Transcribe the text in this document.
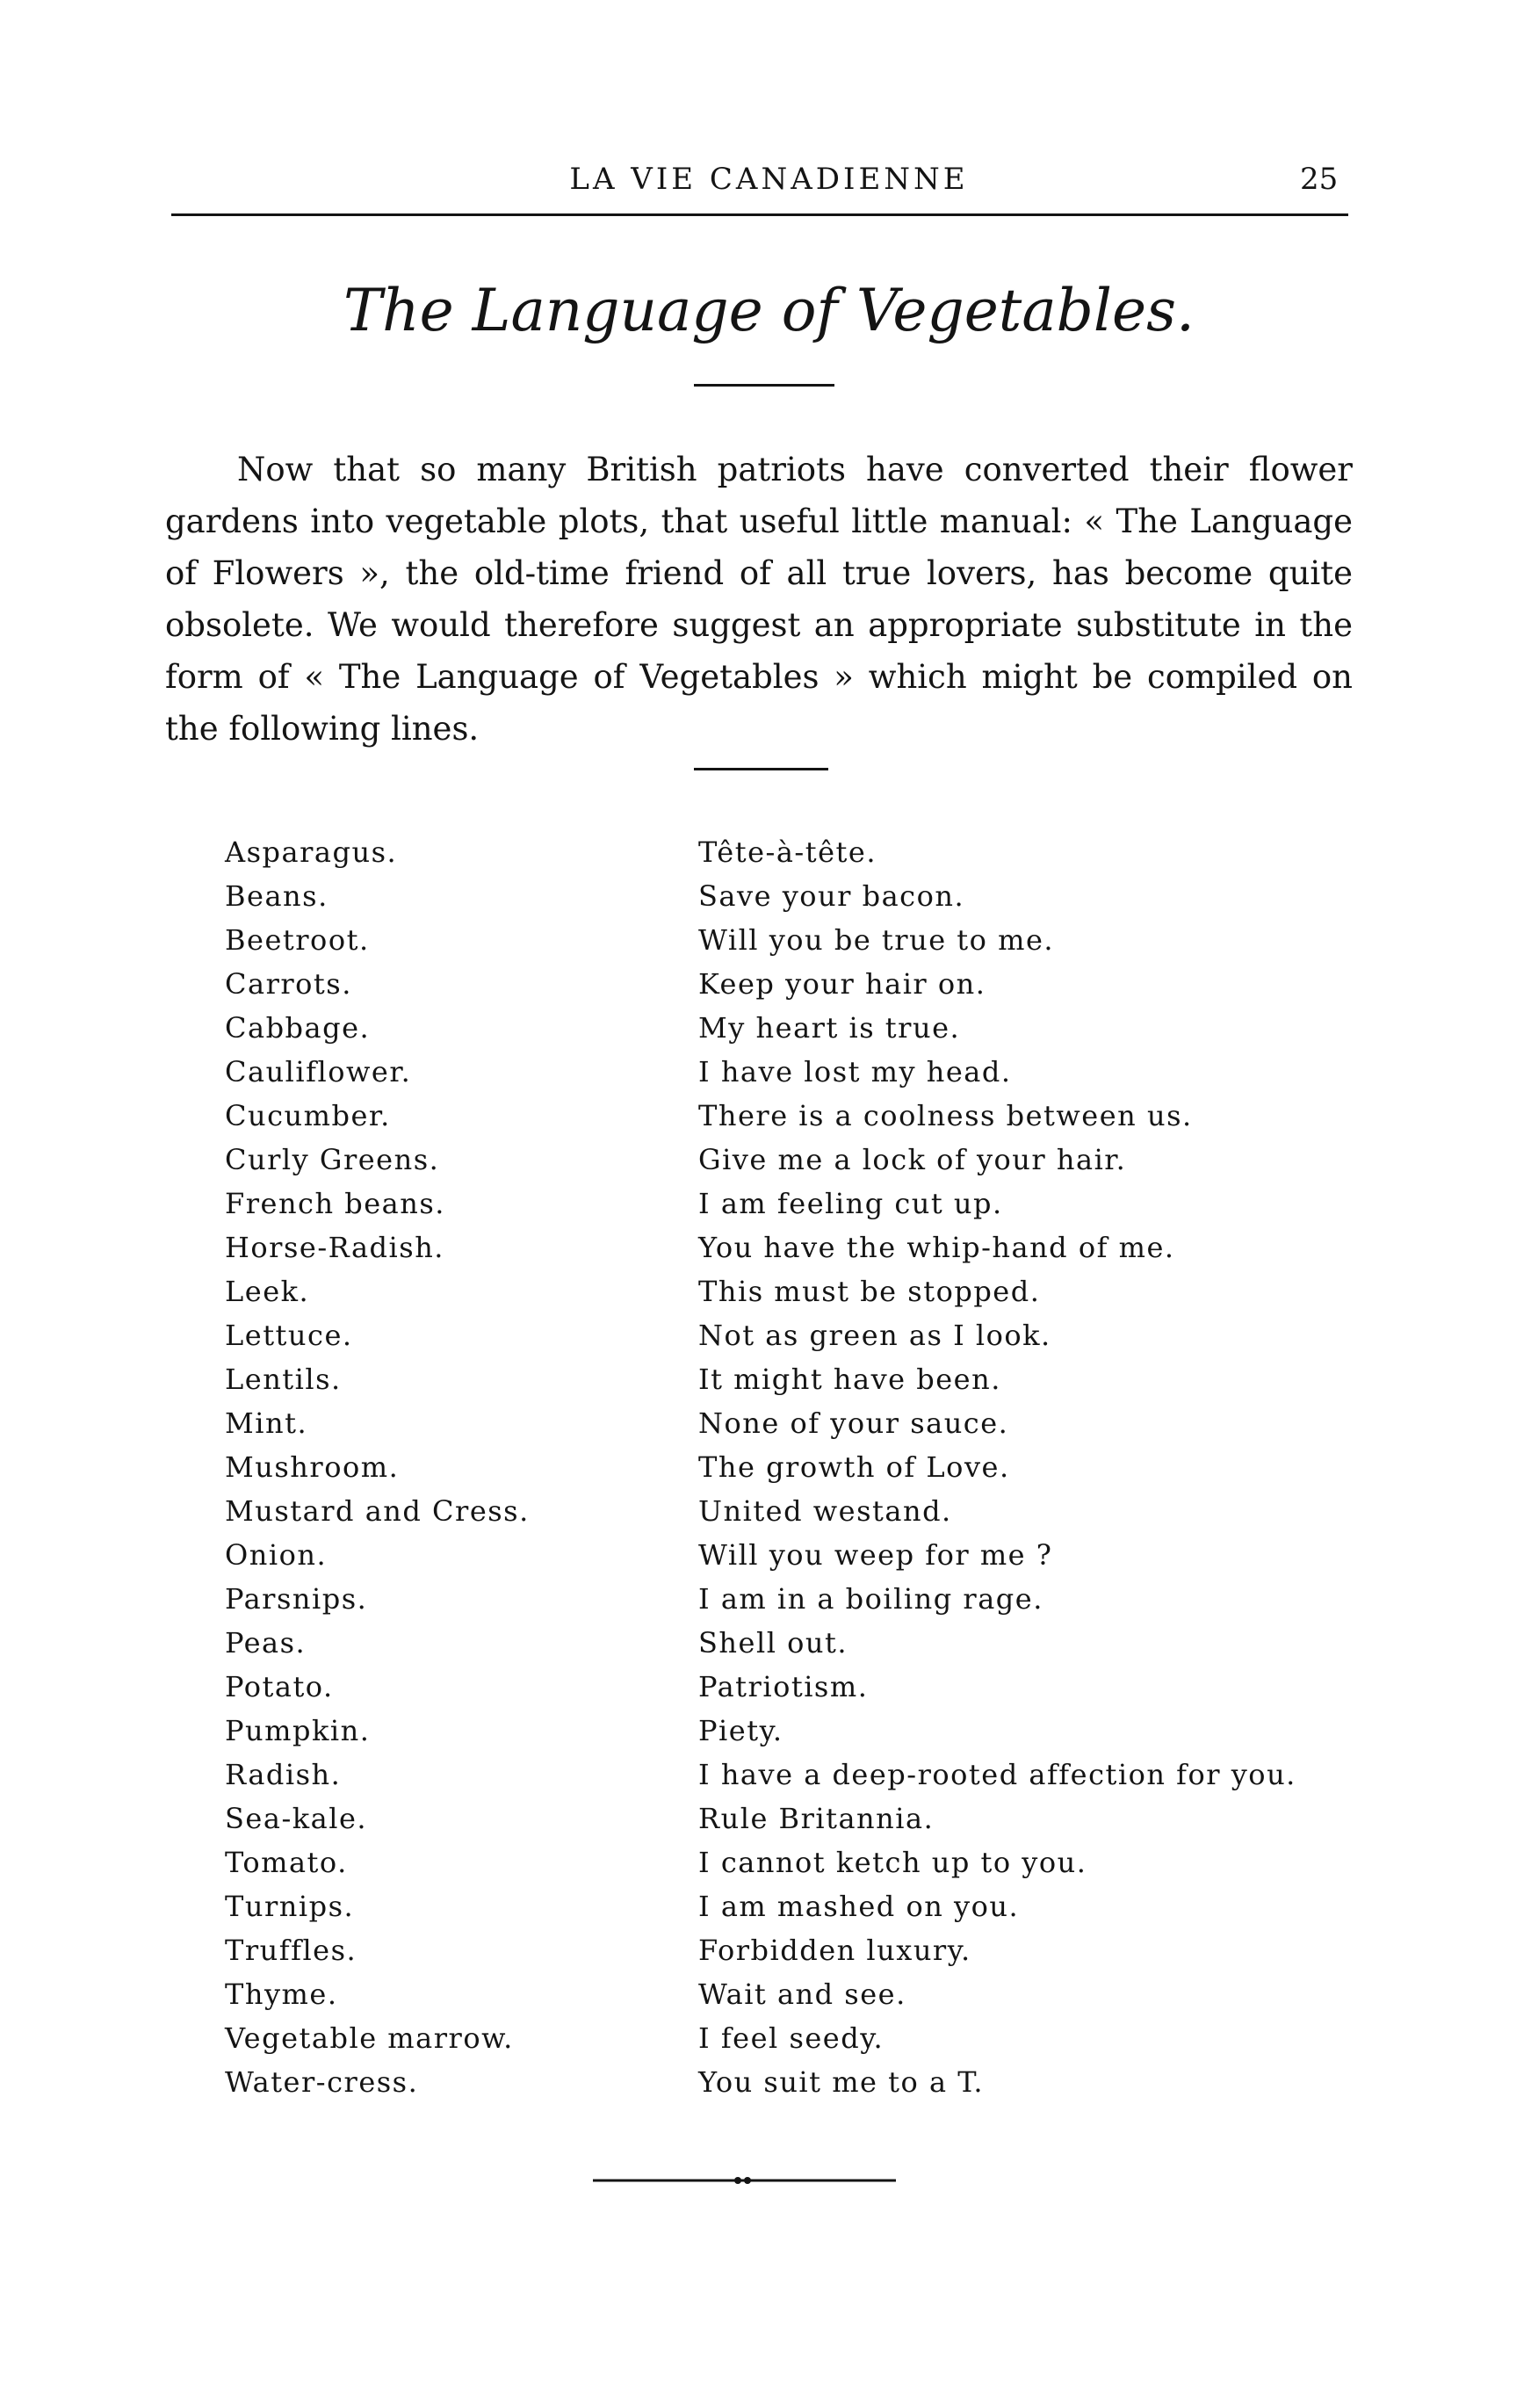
LA VIE CANADIENNE	25
The Language of Vegetables.

Now that so many British patriots have converted their flower gardens into vegetable plots, that useful little manual: « The Language of Flowers », the old-time friend of all true lovers, has become quite obsolete. We would therefore suggest an appropriate substitute in the form of « The Language of Vegetables » which might be compiled on the following lines.

Asparagus.
Beans.
Beetroot.
Carrots.
Cabbage.
Cauliflower.
Cucumber.
Curly Greens.
French beans.
Horse-Radish.
Leek.
Lettuce.
Lentils.
Mint.
Mushroom.
Mustard and Cress.
Onion.
Parsnips.
Peas.
Potato.
Pumpkin.
Radish.
Sea-kale.
Tomato.
Turnips.
Truffles.
Thyme.
Vegetable marrow.
Water-cress.
Tête-à-tête.
Save your bacon.
Will you be true to me.
Keep your hair on.
My heart is true.
I have lost my head.
There is a coolness between us.
Give me a lock of your hair.
I am feeling cut up.
You have the whip-hand of me.
This must be stopped.
Not as green as I look.
It might have been.
None of your sauce.
The growth of Love.
United westand.
Will you weep for me ?
I am in a boiling rage.
Shell out.
Patriotism.
Piety.
I have a deep-rooted affection for you.
Rule Britannia.
I cannot ketch up to you.
I am mashed on you.
Forbidden luxury.
Wait and see.
I feel seedy.
You suit me to a T.
